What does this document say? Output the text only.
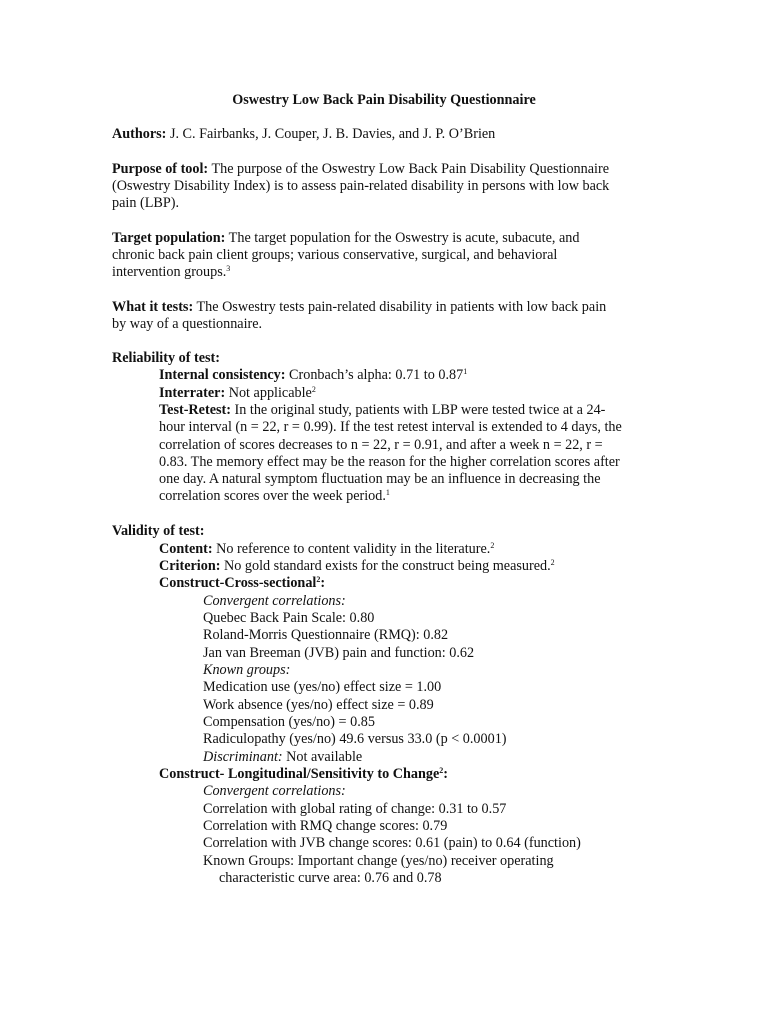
Oswestry Low Back Pain Disability Questionnaire
Authors: J. C. Fairbanks, J. Couper, J. B. Davies, and J. P. O’Brien
Purpose of tool: The purpose of the Oswestry Low Back Pain Disability Questionnaire
(Oswestry Disability Index) is to assess pain-related disability in persons with low back
pain (LBP).
Target population: The target population for the Oswestry is acute, subacute, and
chronic back pain client groups; various conservative, surgical, and behavioral
intervention groups.$^3$
What it tests: The Oswestry tests pain-related disability in patients with low back pain
by way of a questionnaire.
Reliability of test:
Internal consistency: Cronbach’s alpha: 0.71 to 0.87$^1$
Interrater: Not applicable$^2$
Test-Retest: In the original study, patients with LBP were tested twice at a 24-
hour interval (n = 22, r = 0.99). If the test retest interval is extended to 4 days, the
correlation of scores decreases to n = 22, r = 0.91, and after a week n = 22, r =
0.83. The memory effect may be the reason for the higher correlation scores after
one day. A natural symptom fluctuation may be an influence in decreasing the
correlation scores over the week period.$^1$
Validity of test:
Content: No reference to content validity in the literature.$^2$
Criterion: No gold standard exists for the construct being measured.$^2$
Construct-Cross-sectional$^2$:
Convergent correlations:
Quebec Back Pain Scale: 0.80
Roland-Morris Questionnaire (RMQ): 0.82
Jan van Breeman (JVB) pain and function: 0.62
Known groups:
Medication use (yes/no) effect size = 1.00
Work absence (yes/no) effect size = 0.89
Compensation (yes/no) = 0.85
Radiculopathy (yes/no) 49.6 versus 33.0 (p < 0.0001)
Discriminant: Not available
Construct- Longitudinal/Sensitivity to Change$^2$:
Convergent correlations:
Correlation with global rating of change: 0.31 to 0.57
Correlation with RMQ change scores: 0.79
Correlation with JVB change scores: 0.61 (pain) to 0.64 (function)
Known Groups: Important change (yes/no) receiver operating
characteristic curve area: 0.76 and 0.78
